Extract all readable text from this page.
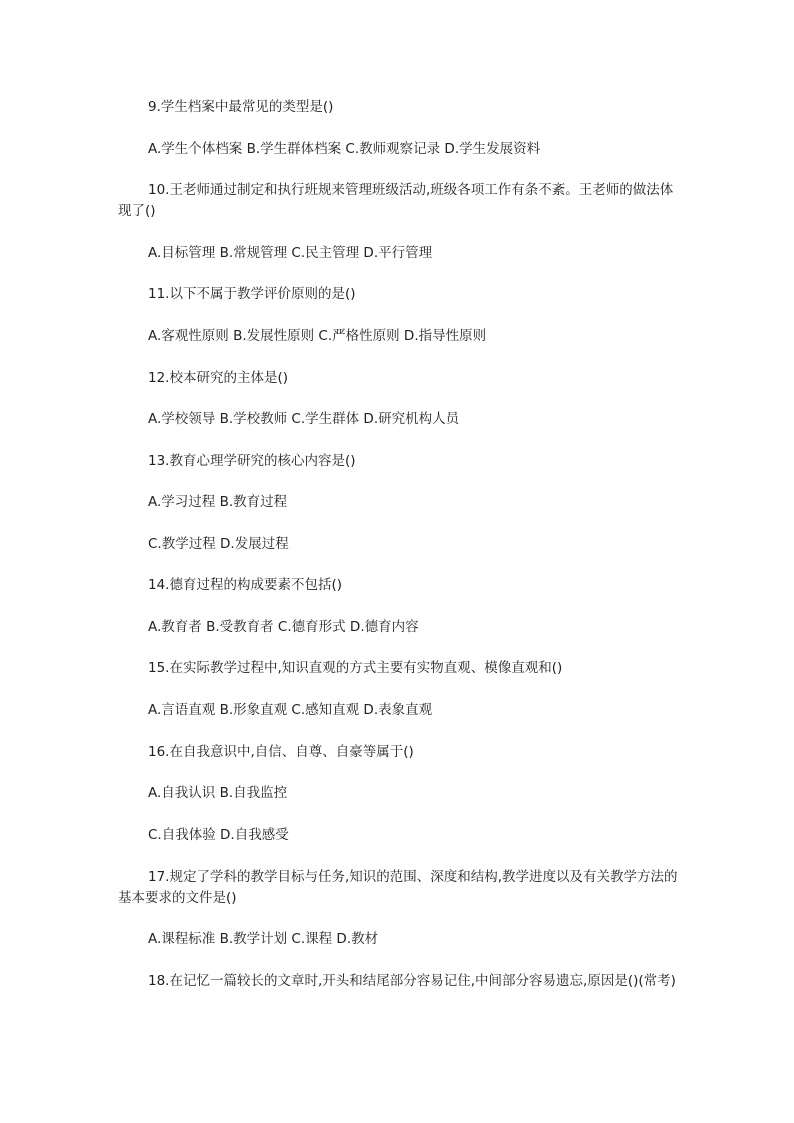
9.学生档案中最常见的类型是()

A.学生个体档案 B.学生群体档案 C.教师观察记录 D.学生发展资料

10.王老师通过制定和执行班规来管理班级活动,班级各项工作有条不紊。王老师的做法体现了()

A.目标管理 B.常规管理 C.民主管理 D.平行管理

11.以下不属于教学评价原则的是()

A.客观性原则 B.发展性原则 C.严格性原则 D.指导性原则

12.校本研究的主体是()

A.学校领导 B.学校教师 C.学生群体 D.研究机构人员

13.教育心理学研究的核心内容是()

A.学习过程 B.教育过程

C.教学过程 D.发展过程

14.德育过程的构成要素不包括()

A.教育者 B.受教育者 C.德育形式 D.德育内容

15.在实际教学过程中,知识直观的方式主要有实物直观、模像直观和()

A.言语直观 B.形象直观 C.感知直观 D.表象直观

16.在自我意识中,自信、自尊、自豪等属于()

A.自我认识 B.自我监控

C.自我体验 D.自我感受

17.规定了学科的教学目标与任务,知识的范围、深度和结构,教学进度以及有关教学方法的基本要求的文件是()

A.课程标准 B.教学计划 C.课程 D.教材

18.在记忆一篇较长的文章时,开头和结尾部分容易记住,中间部分容易遗忘,原因是()(常考)
